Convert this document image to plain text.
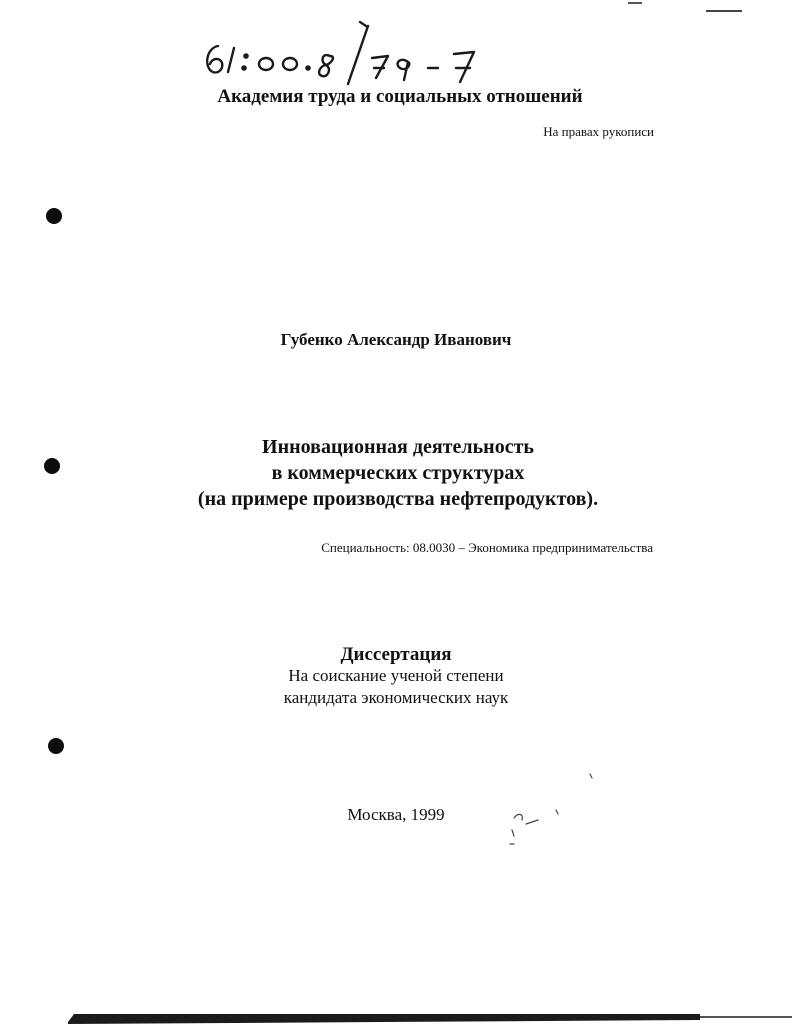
Академия труда и социальных отношений

На правах рукописи

Губенко Александр Иванович

Инновационная деятельность

в коммерческих структурах

(на примере производства нефтепродуктов).

Специальность: 08.0030 – Экономика предпринимательства

Диссертация

На соискание ученой степени

кандидата экономических наук

Москва, 1999
